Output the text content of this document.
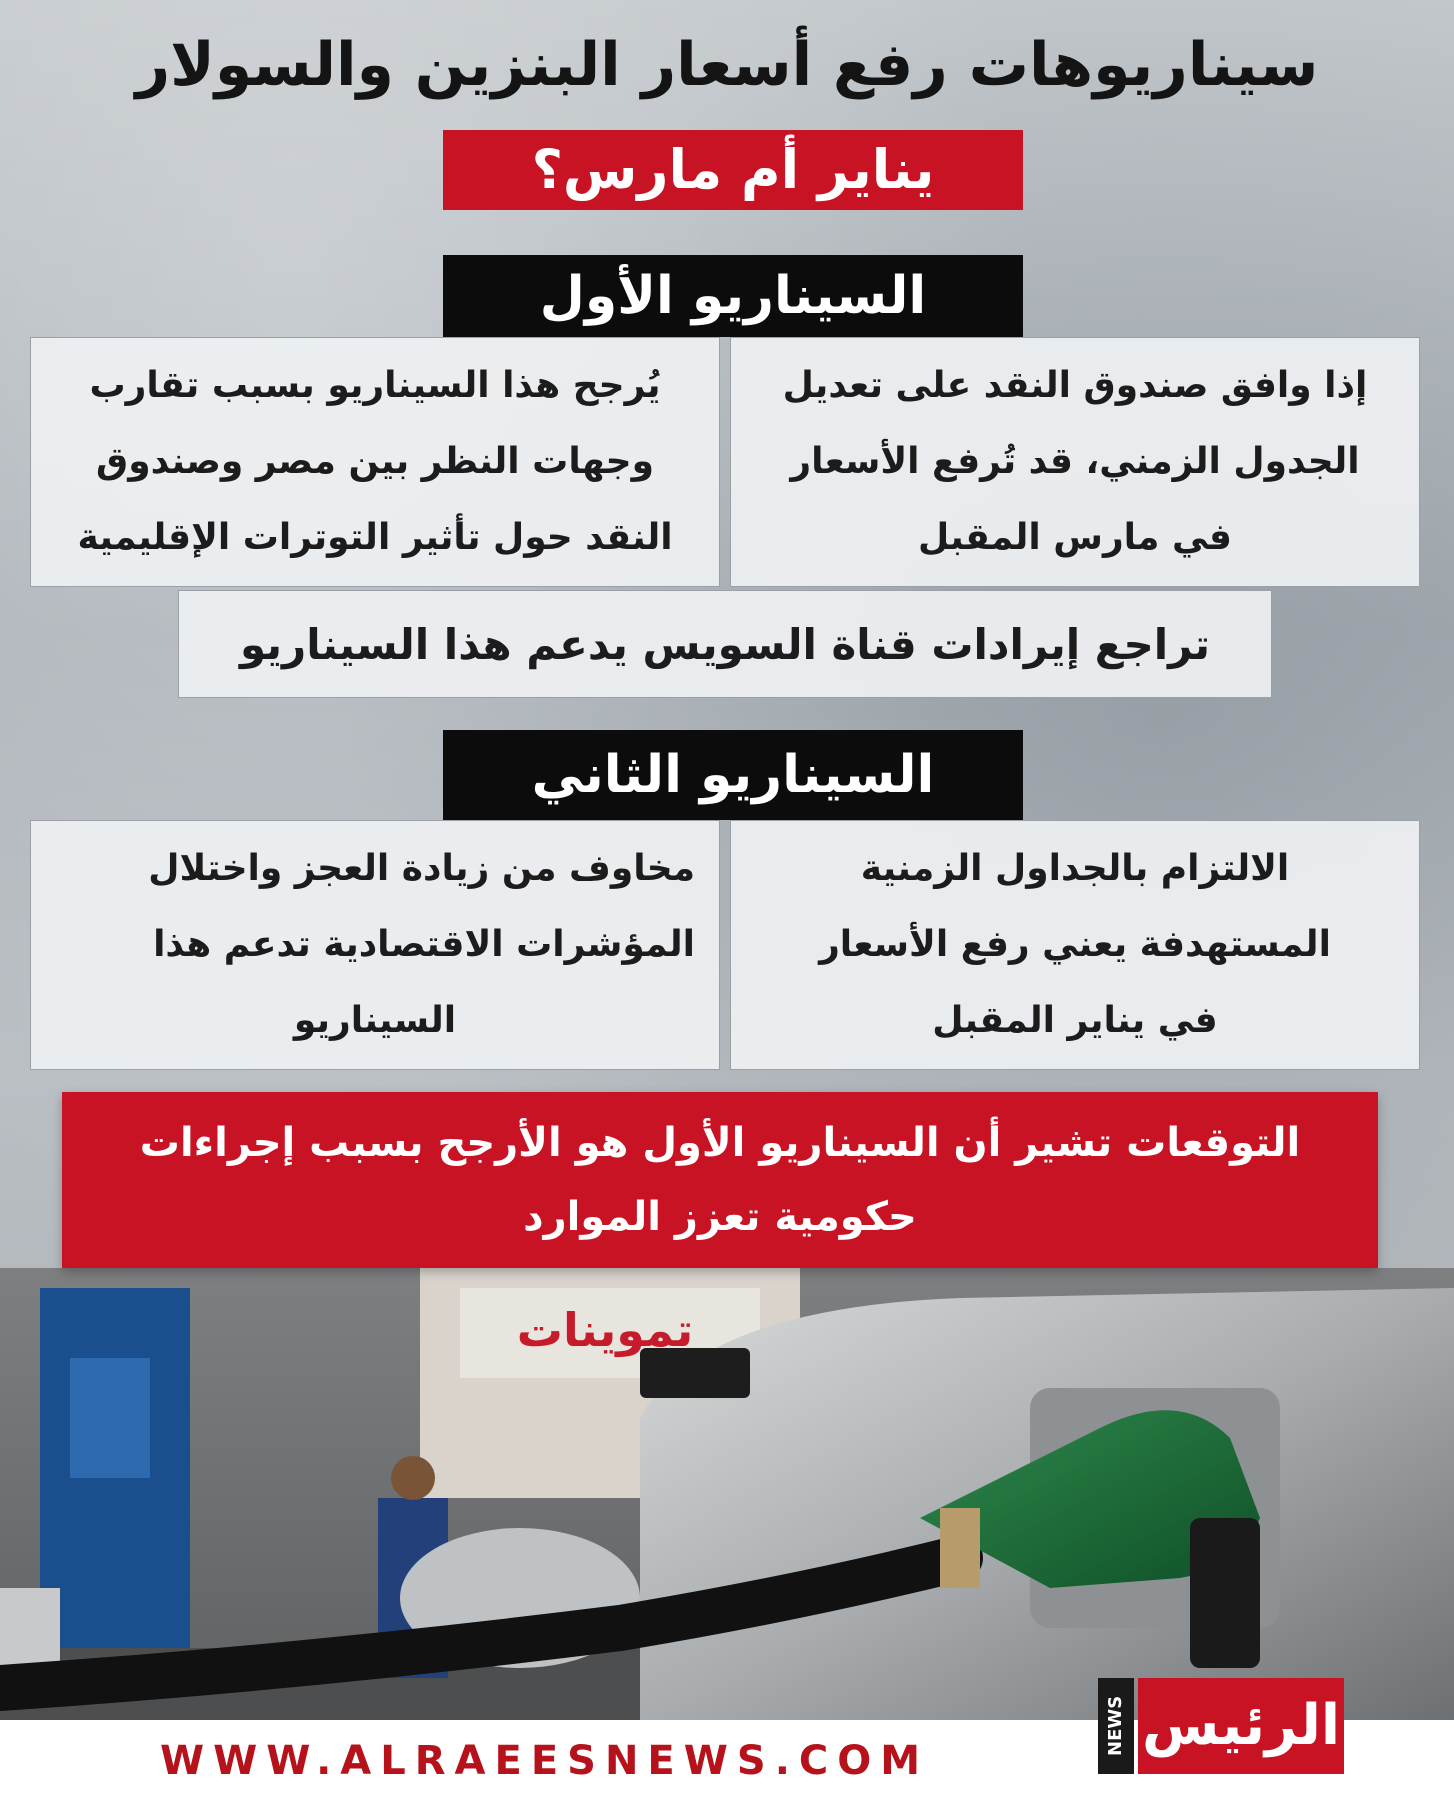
سيناريوهات رفع أسعار البنزين والسولار
يناير أم مارس؟
السيناريو الأول
إذا وافق صندوق النقد على تعديل
الجدول الزمني، قد تُرفع الأسعار
في مارس المقبل
يُرجح هذا السيناريو بسبب تقارب
وجهات النظر بين مصر وصندوق
النقد حول تأثير التوترات الإقليمية
تراجع إيرادات قناة السويس يدعم هذا السيناريو
السيناريو الثاني
الالتزام بالجداول الزمنية
المستهدفة يعني رفع الأسعار
في يناير المقبل
مخاوف من زيادة العجز واختلال
المؤشرات الاقتصادية تدعم هذا
السيناريو
تموينات
التوقعات تشير أن السيناريو الأول هو الأرجح بسبب إجراءات
حكومية تعزز الموارد
WWW.ALRAEESNEWS.COM
NEWS الرئيس
